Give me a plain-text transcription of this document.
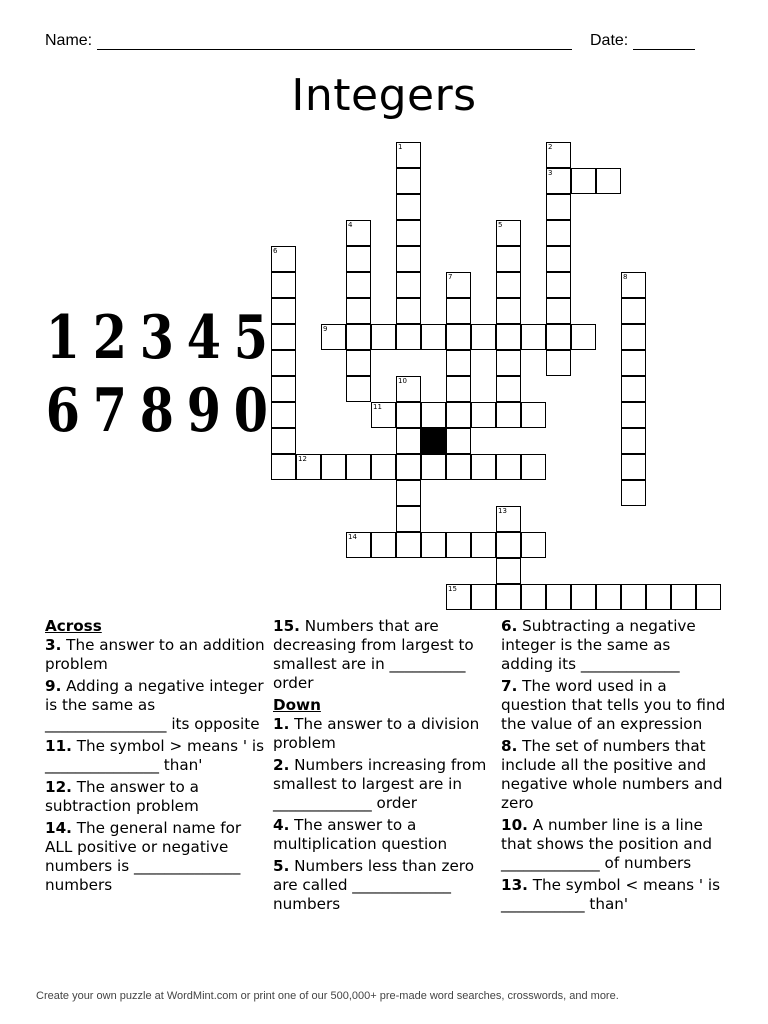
Name:	Date:
Integers
1 2 3 4 5
6 7 8 9 0
1	2
3
4	5
6
7	8
9
10
11
12
13
14
15
Across
3. The answer to an addition problem
9. Adding a negative integer is the same as ________________ its opposite
11. The symbol > means ' is _______________ than'
12. The answer to a subtraction problem
14. The general name for ALL positive or negative numbers is ______________ numbers
15. Numbers that are decreasing from largest to smallest are in __________ order
Down
1. The answer to a division problem
2. Numbers increasing from smallest to largest are in _____________ order
4. The answer to a multiplication question
5. Numbers less than zero are called _____________ numbers
6. Subtracting a negative integer is the same as adding its _____________
7. The word used in a question that tells you to find the value of an expression
8. The set of numbers that include all the positive and negative whole numbers and zero
10. A number line is a line that shows the position and _____________ of numbers
13. The symbol < means ' is ___________ than'
Create your own puzzle at WordMint.com or print one of our 500,000+ pre-made word searches, crosswords, and more.
